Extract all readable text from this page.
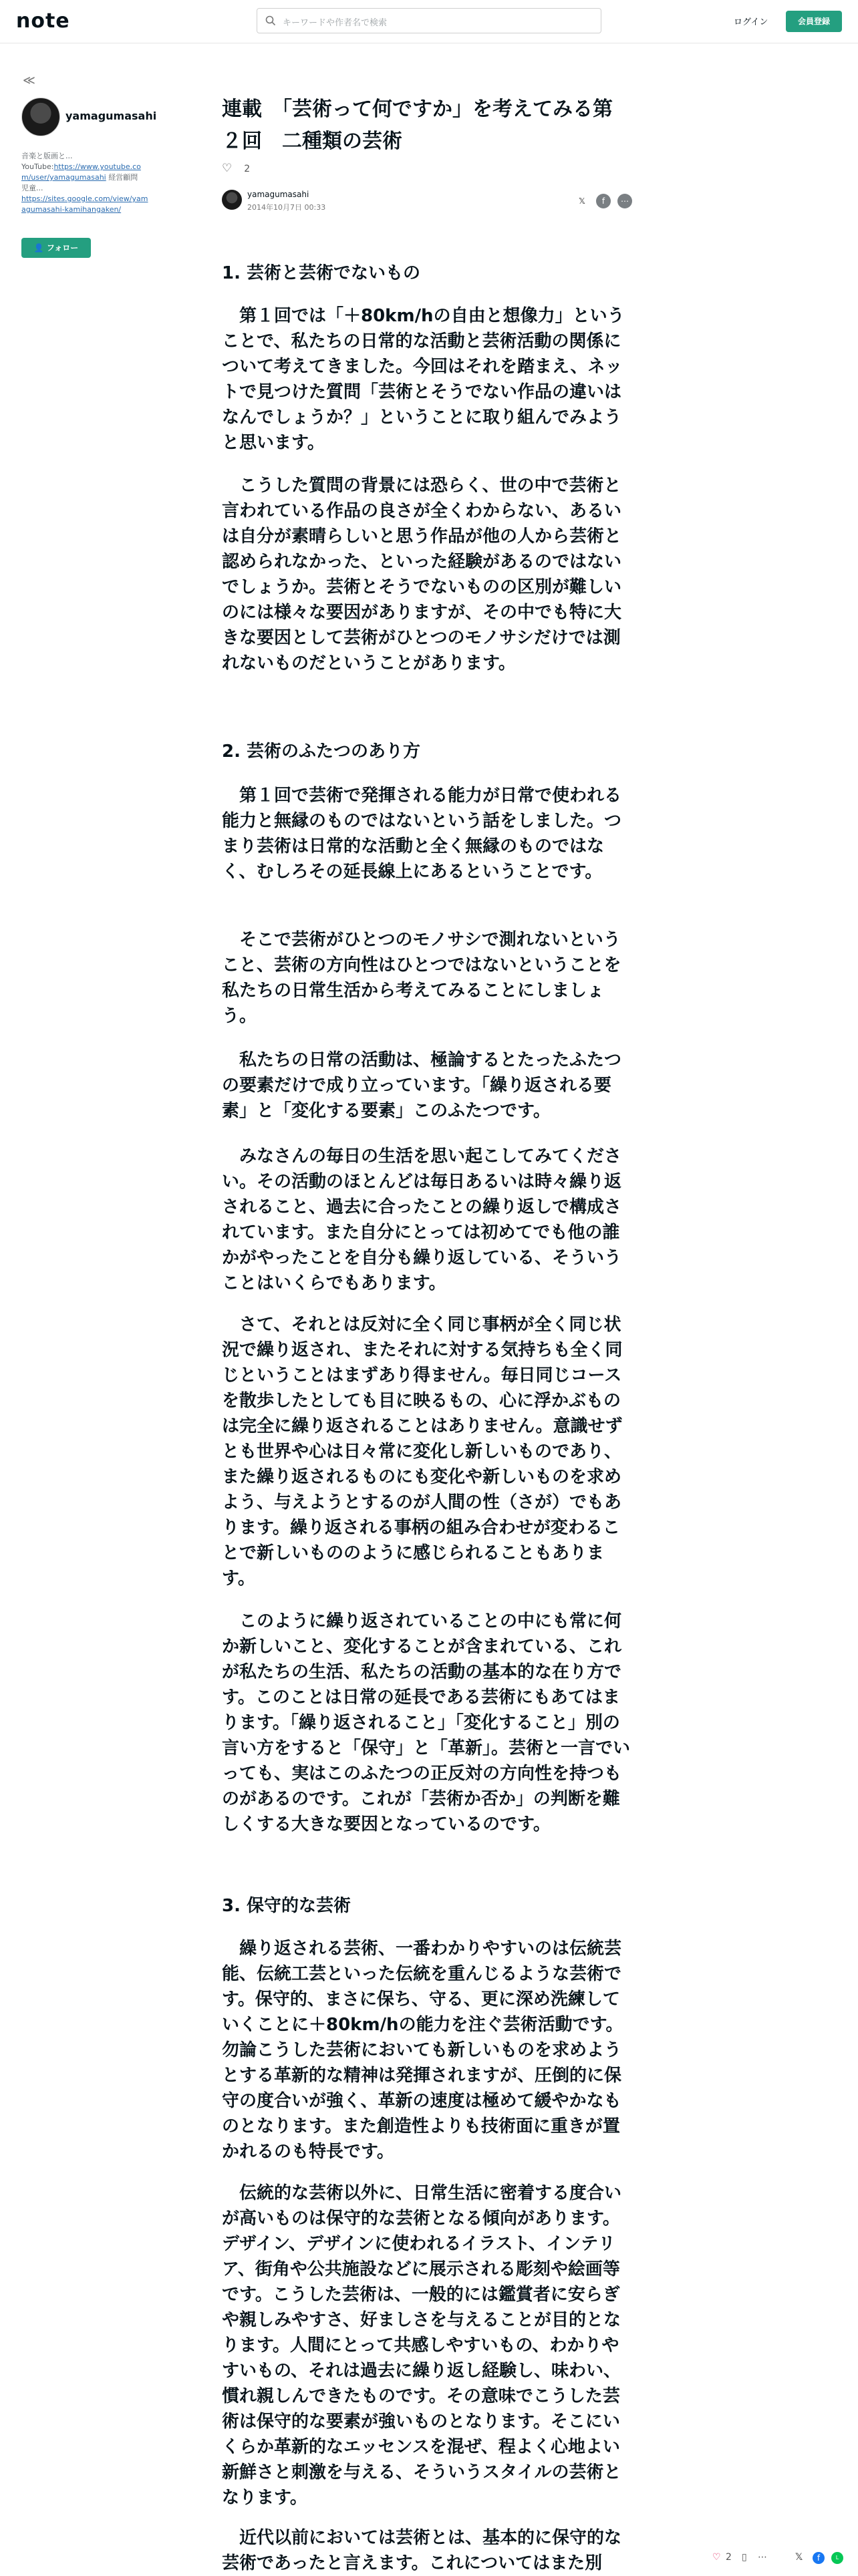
note	キーワードや作者名で検索	ログイン	会員登録
≪
yamagumasahi
音楽と版画と...
YouTube:https://www.youtube.com/user/yamagumasahi 経営顧問
児童...
https://sites.google.com/view/yamagumasahi-kamihangaken/
👤 フォロー
連載　「芸術って何ですか」を考えてみる第２回　二種類の芸術
♡ 2
yamagumasahi
2014年10月7日 00:33
𝕏 f ⋯
1. 芸術と芸術でないもの

第１回では「＋80km/hの自由と想像力」ということで、私たちの日常的な活動と芸術活動の関係について考えてきました。今回はそれを踏まえ、ネットで見つけた質問「芸術とそうでない作品の違いはなんでしょうか？」ということに取り組んでみようと思います。

こうした質問の背景には恐らく、世の中で芸術と言われている作品の良さが全くわからない、あるいは自分が素晴らしいと思う作品が他の人から芸術と認められなかった、といった経験があるのではないでしょうか。芸術とそうでないものの区別が難しいのには様々な要因がありますが、その中でも特に大きな要因として芸術がひとつのモノサシだけでは測れないものだということがあります。

2. 芸術のふたつのあり方

第１回で芸術で発揮される能力が日常で使われる能力と無縁のものではないという話をしました。つまり芸術は日常的な活動と全く無縁のものではなく、むしろその延長線上にあるということです。

そこで芸術がひとつのモノサシで測れないということ、芸術の方向性はひとつではないということを私たちの日常生活から考えてみることにしましょう。

私たちの日常の活動は、極論するとたったふたつの要素だけで成り立っています。「繰り返される要素」と「変化する要素」このふたつです。

みなさんの毎日の生活を思い起こしてみてください。その活動のほとんどは毎日あるいは時々繰り返されること、過去に合ったことの繰り返しで構成されています。また自分にとっては初めてでも他の誰かがやったことを自分も繰り返している、そういうことはいくらでもあります。

さて、それとは反対に全く同じ事柄が全く同じ状況で繰り返され、またそれに対する気持ちも全く同じということはまずあり得ません。毎日同じコースを散歩したとしても目に映るもの、心に浮かぶものは完全に繰り返されることはありません。意識せずとも世界や心は日々常に変化し新しいものであり、また繰り返されるものにも変化や新しいものを求めよう、与えようとするのが人間の性（さが）でもあります。繰り返される事柄の組み合わせが変わることで新しいもののように感じられることもあります。

このように繰り返されていることの中にも常に何か新しいこと、変化することが含まれている、これが私たちの生活、私たちの活動の基本的な在り方です。このことは日常の延長である芸術にもあてはまります。「繰り返されること」「変化すること」別の言い方をすると「保守」と「革新」。芸術と一言でいっても、実はこのふたつの正反対の方向性を持つものがあるのです。これが「芸術か否か」の判断を難しくする大きな要因となっているのです。

3. 保守的な芸術

繰り返される芸術、一番わかりやすいのは伝統芸能、伝統工芸といった伝統を重んじるような芸術です。保守的、まさに保ち、守る、更に深め洗練していくことに＋80km/hの能力を注ぐ芸術活動です。勿論こうした芸術においても新しいものを求めようとする革新的な精神は発揮されますが、圧倒的に保守の度合いが強く、革新の速度は極めて緩やかなものとなります。また創造性よりも技術面に重きが置かれるのも特長です。

伝統的な芸術以外に、日常生活に密着する度合いが高いものは保守的な芸術となる傾向があります。デザイン、デザインに使われるイラスト、インテリア、街角や公共施設などに展示される彫刻や絵画等です。こうした芸術は、一般的には鑑賞者に安らぎや親しみやすさ、好ましさを与えることが目的となります。人間にとって共感しやすいもの、わかりやすいもの、それは過去に繰り返し経験し、味わい、慣れ親しんできたものです。その意味でこうした芸術は保守的な要素が強いものとなります。そこにいくらか革新的なエッセンスを混ぜ、程よく心地よい新鮮さと刺激を与える、そういうスタイルの芸術となります。

近代以前においては芸術とは、基本的に保守的な芸術であったと言えます。これについてはまた別	♡ 2 ▯ ⋯	𝕏	f	L
